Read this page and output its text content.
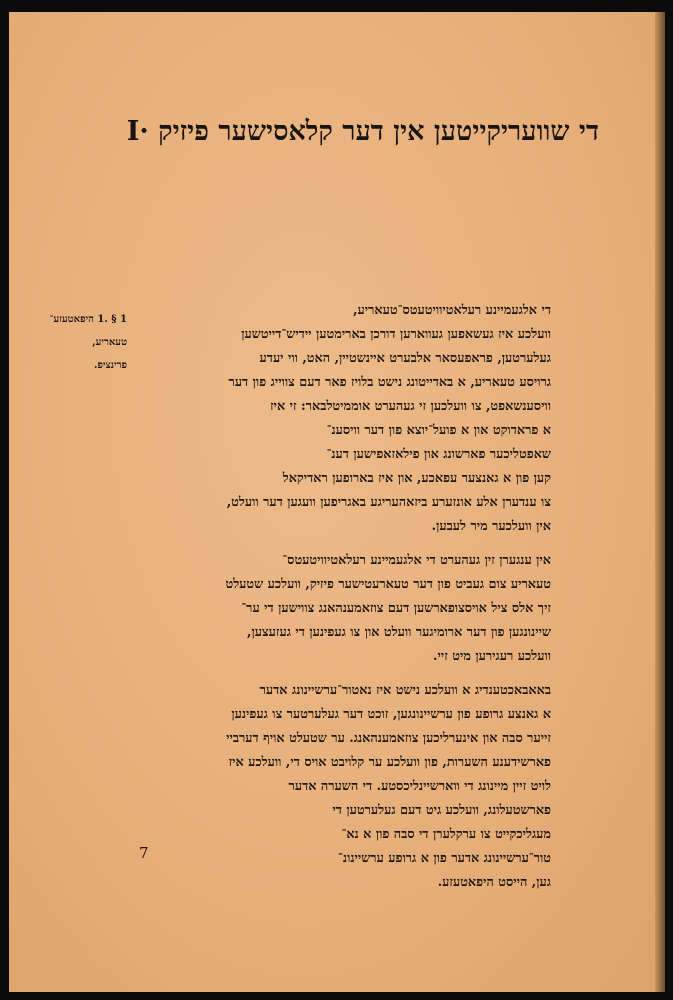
די שוועריקייטען אין דער קלאסישער פיזיק ·I
1 § .1 היפאטעזע־
טעאריע,
פרינציפ.
די אלגעמיינע רעלאטיוויטעטס־טעאריע,
וועלכע איז געשאפען געווארען דורכן בארימטען יידיש־דייטשען
געלערטען, פראפעסאר אלבערט איינשטיין, האט, ווי יעדע
גרויסע טעאריע, א באדייטונג נישט בלויז פאר דעם צווייג פון דער
וויסענשאפט, צו וועלכען זי געהערט אוממיטלבאר: זי איז
א פראדוקט און א פועל־יוצא פון דער וויסענ־
שאפטליכער פארשונג און פילאזאפישען דענ־
קען פון א גאנצער עפאכע, און איז בארופען ראדיקאל
צו ענדערן אלע אונזערע ביזאהעריגע באגריפען וועגען דער וועלט,
אין וועלכער מיר לעבען.
אין ענגערן זין געהערט די אלגעמיינע רעלאטיוויטעטס־
טעאריע צום געביט פון דער טעארעטישער פיזיק, וועלכע שטעלט
זיך אלס ציל אויסצופארשען דעם צוזאמענהאנג צווישען די ער־
שיינונגען פון דער ארומיגער וועלט און צו געפינען די געזעצען,
וועלכע רעגירען מיט זיי.
באאבאכטענדיג א וועלכע נישט איז נאטור־ערשיינונג אדער
א גאנצע גרופע פון ערשיינונגען, זוכט דער געלערטער צו געפינען
זייער סבה און אינערליכען צוזאמענהאנג. ער שטעלט אויף דערביי
פארשידענע השערות, פון וועלכע ער קלויבט אויס די, וועלכע איז
לויט זיין מיינונג די װארשיינליכסטע. די השערה אדער
פארשטעלונג, וועלכע גיט דעם געלערטען די
מעגליכקייט צו ערקלערן די סבה פון א נא־
טור־ערשיינונג אדער פון א גרופע ערשיינונ־
גען, הייסט היפאטעזע.
7
